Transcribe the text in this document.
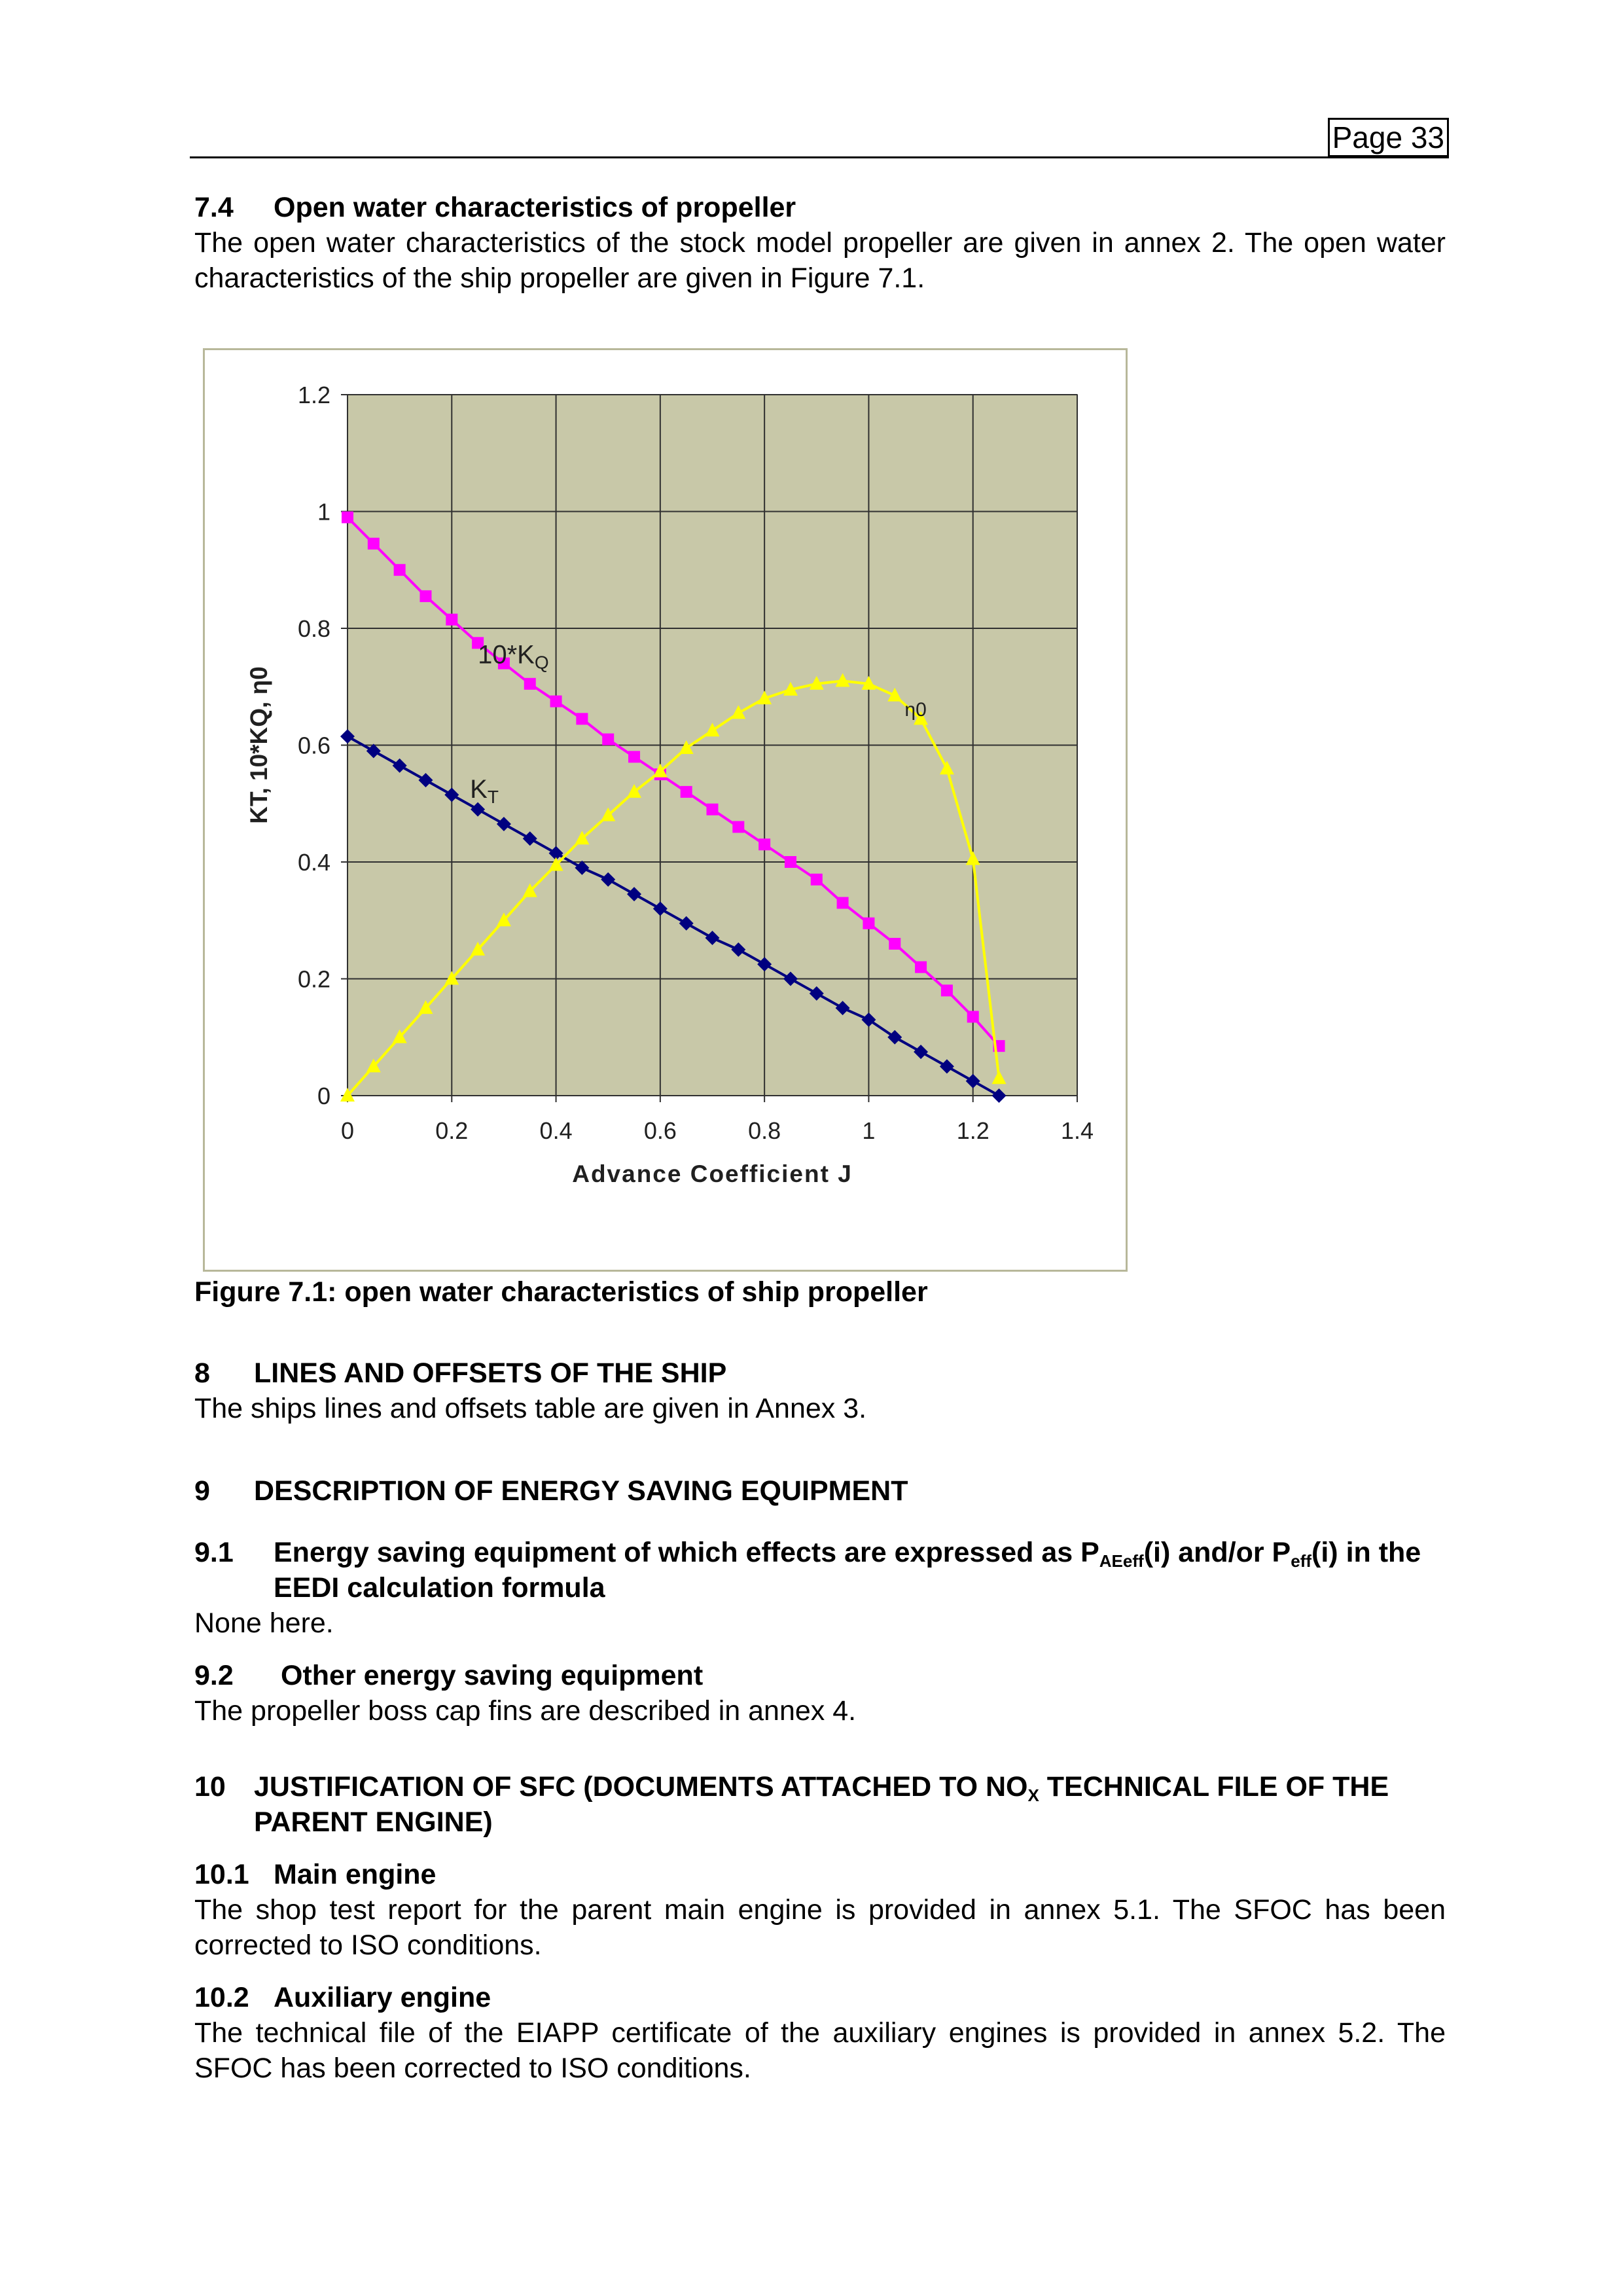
Page 33

7.4 Open water characteristics of propeller

The open water characteristics of the stock model propeller are given in annex 2. The open water characteristics of the ship propeller are given in Figure 7.1.

0	0.2	0.4	0.6	0.8	1	1.2	1.4
0
0.2
0.4
0.6
0.8
1
1.2
Advance Coefficient J
KT, 10*KQ, η0
$10*K_Q$
$K_T$
η0
Figure 7.1: open water characteristics of ship propeller

8 LINES AND OFFSETS OF THE SHIP

The ships lines and offsets table are given in Annex 3.

9 DESCRIPTION OF ENERGY SAVING EQUIPMENT

9.1	Energy saving equipment of which effects are expressed as $P_{AEeff}(i)$ and/or $P_{eff}(i)$ in the EEDI calculation formula

None here.

9.2 Other energy saving equipment

The propeller boss cap fins are described in annex 4.

10	JUSTIFICATION OF SFC (DOCUMENTS ATTACHED TO $NO_X$ TECHNICAL FILE OF THE PARENT ENGINE)

10.1 Main engine

The shop test report for the parent main engine is provided in annex 5.1. The SFOC has been corrected to ISO conditions.

10.2 Auxiliary engine

The technical file of the EIAPP certificate of the auxiliary engines is provided in annex 5.2. The SFOC has been corrected to ISO conditions.
